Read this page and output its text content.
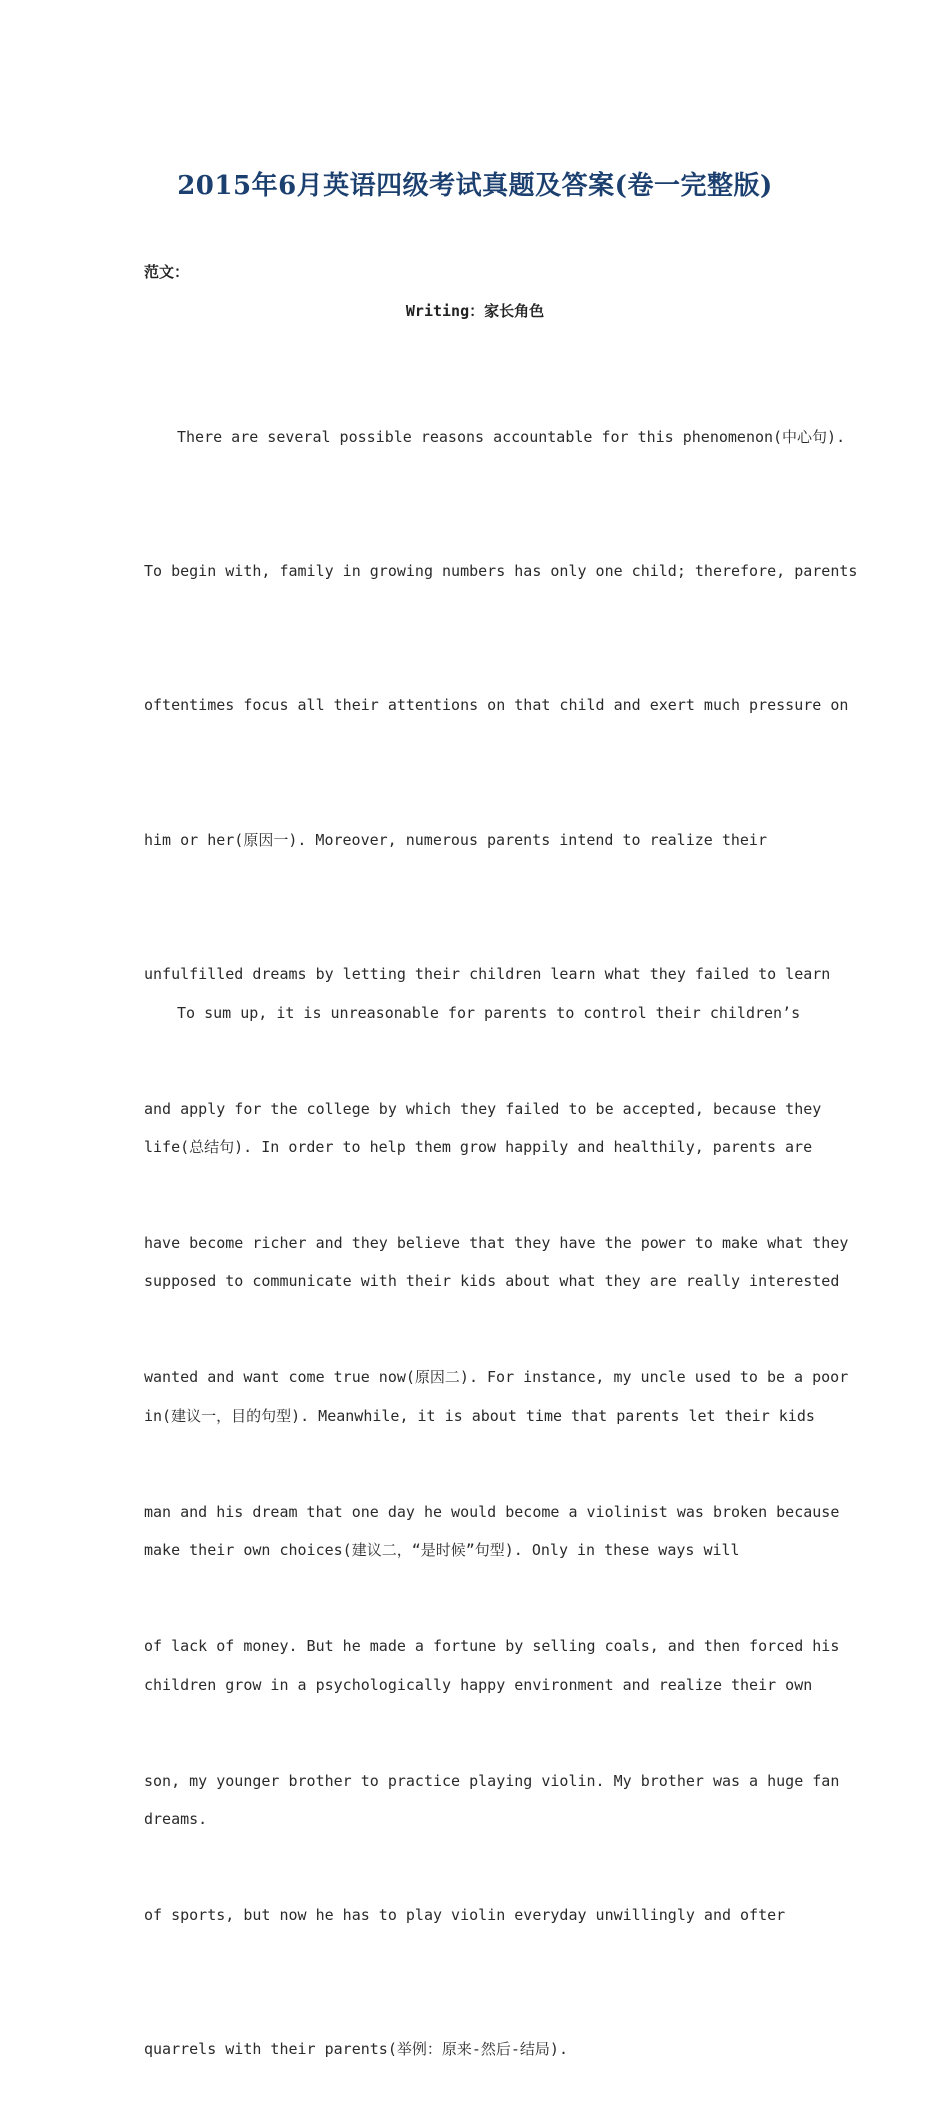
2015年6月英语四级考试真题及答案(卷一完整版)
范文：
Writing：家长角色

There are several possible reasons accountable for this phenomenon(中心句).

To begin with, family in growing numbers has only one child; therefore, parents

oftentimes focus all their attentions on that child and exert much pressure on

him or her(原因一). Moreover, numerous parents intend to realize their

unfulfilled dreams by letting their children learn what they failed to learn

and apply for the college by which they failed to be accepted, because they

have become richer and they believe that they have the power to make what they

wanted and want come true now(原因二). For instance, my uncle used to be a poor

man and his dream that one day he would become a violinist was broken because

of lack of money. But he made a fortune by selling coals, and then forced his

son, my younger brother to practice playing violin. My brother was a huge fan

of sports, but now he has to play violin everyday unwillingly and ofter

quarrels with their parents(举例：原来-然后-结局).

To sum up, it is unreasonable for parents to control their children’s

life(总结句). In order to help them grow happily and healthily, parents are

supposed to communicate with their kids about what they are really interested

in(建议一，目的句型). Meanwhile, it is about time that parents let their kids

make their own choices(建议二，“是时候”句型). Only in these ways will

children grow in a psychologically happy environment and realize their own

dreams.
